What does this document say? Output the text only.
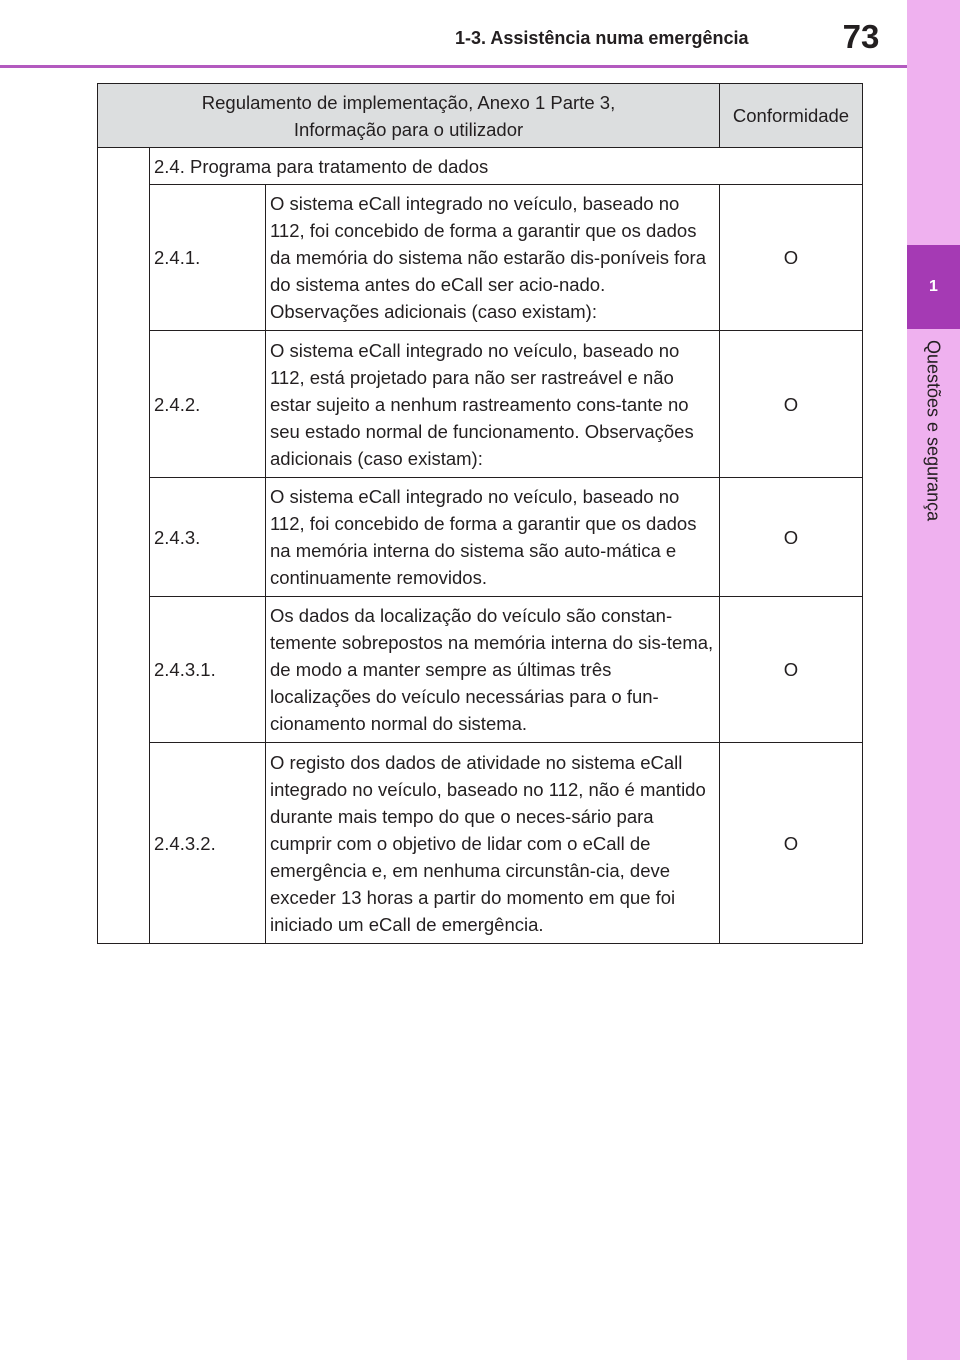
1
Questões e segurança
1-3. Assistência numa emergência	73
Regulamento de implementação, Anexo 1 Parte 3,
Informação para o utilizador			Conformidade
	2.4. Programa para tratamento de dados		
	2.4.1.	O sistema eCall integrado no veículo, baseado no 112, foi concebido de forma a garantir que os dados da memória do sistema não estarão dis-poníveis fora do sistema antes do eCall ser acio-nado. Observações adicionais (caso existam):	O
	2.4.2.	O sistema eCall integrado no veículo, baseado no 112, está projetado para não ser rastreável e não estar sujeito a nenhum rastreamento cons-tante no seu estado normal de funcionamento. Observações adicionais (caso existam):	O
	2.4.3.	O sistema eCall integrado no veículo, baseado no 112, foi concebido de forma a garantir que os dados na memória interna do sistema são auto-mática e continuamente removidos.	O
	2.4.3.1.	Os dados da localização do veículo são constan-temente sobrepostos na memória interna do sis-tema, de modo a manter sempre as últimas três localizações do veículo necessárias para o fun-cionamento normal do sistema.	O
	2.4.3.2.	O registo dos dados de atividade no sistema eCall integrado no veículo, baseado no 112, não é mantido durante mais tempo do que o neces-sário para cumprir com o objetivo de lidar com o eCall de emergência e, em nenhuma circunstân-cia, deve exceder 13 horas a partir do momento em que foi iniciado um eCall de emergência.	O
